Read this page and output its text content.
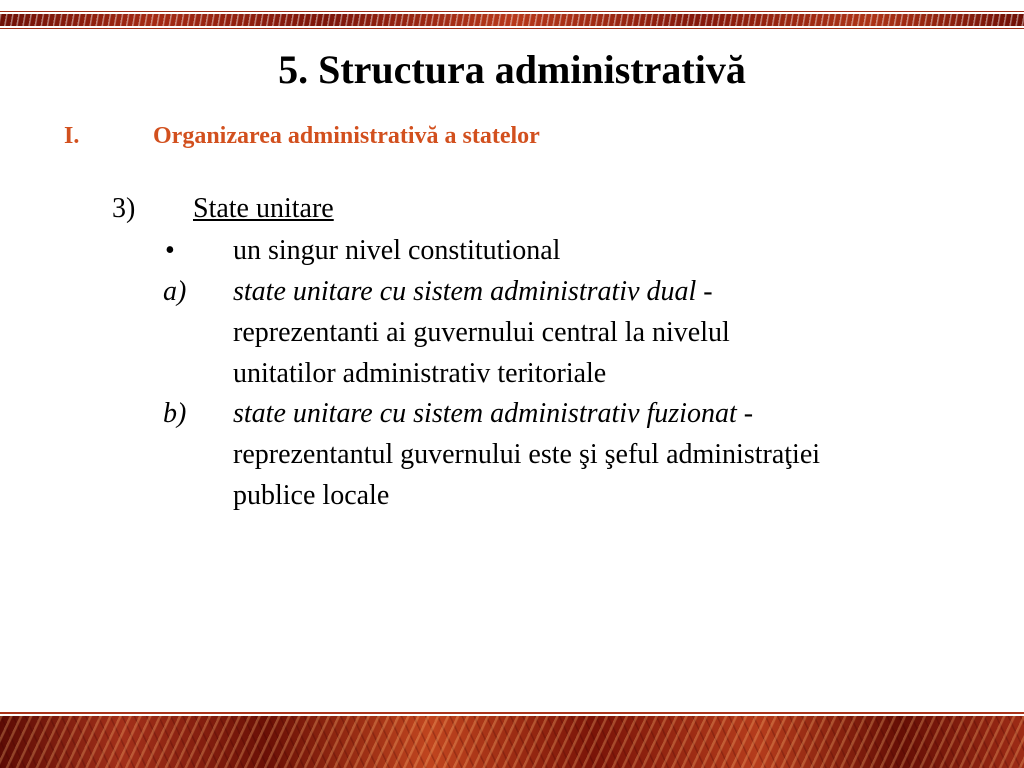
5. Structura administrativă
I.	Organizarea administrativă a statelor
3) State unitare
• un singur nivel constitutional
a) state unitare cu sistem administrativ dual -
reprezentanti ai guvernului central la nivelul
unitatilor administrativ teritoriale
b) state unitare cu sistem administrativ fuzionat -
reprezentantul guvernului este şi şeful administraţiei
publice locale
